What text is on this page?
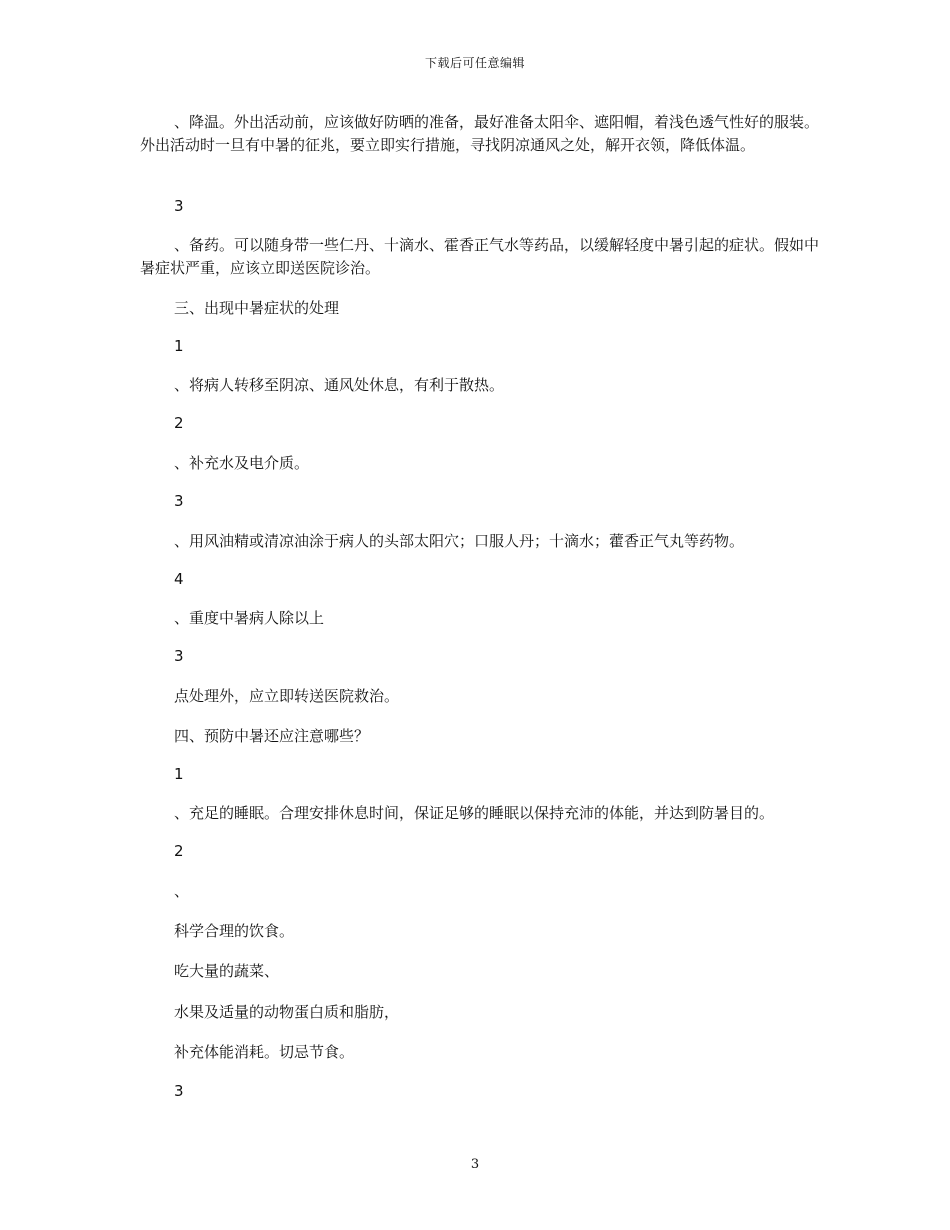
下载后可任意编辑
、降温。外出活动前，应该做好防晒的准备，最好准备太阳伞、遮阳帽，着浅色透气性好的服装。外出活动时一旦有中暑的征兆，要立即实行措施，寻找阴凉通风之处，解开衣领，降低体温。
3
、备药。可以随身带一些仁丹、十滴水、霍香正气水等药品，以缓解轻度中暑引起的症状。假如中暑症状严重，应该立即送医院诊治。
三、出现中暑症状的处理
1
、将病人转移至阴凉、通风处休息，有利于散热。
2
、补充水及电介质。
3
、用风油精或清凉油涂于病人的头部太阳穴；口服人丹；十滴水；藿香正气丸等药物。
4
、重度中暑病人除以上
3
点处理外，应立即转送医院救治。
四、预防中暑还应注意哪些？
1
、充足的睡眠。合理安排休息时间，保证足够的睡眠以保持充沛的体能，并达到防暑目的。
2
、
科学合理的饮食。
吃大量的蔬菜、
水果及适量的动物蛋白质和脂肪，
补充体能消耗。切忌节食。
3
3
